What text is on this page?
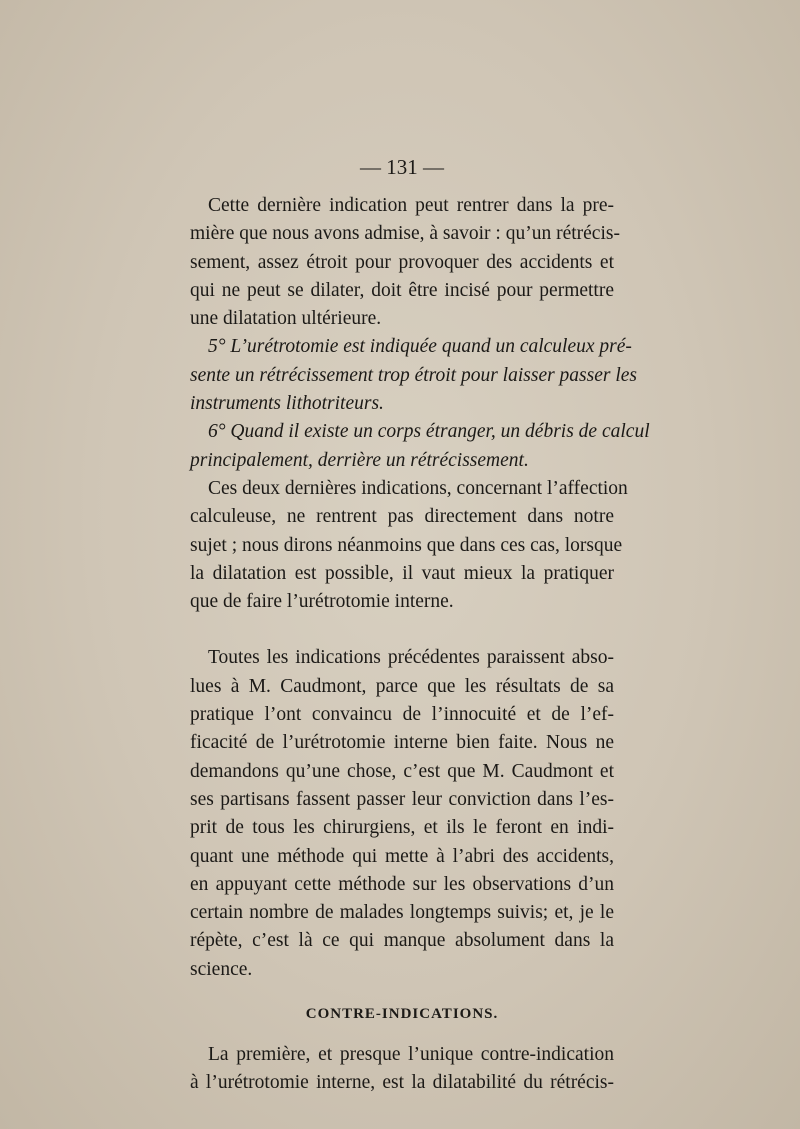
— 131 —

Cette dernière indication peut rentrer dans la pre-
mière que nous avons admise, à savoir : qu’un rétrécis-
sement, assez étroit pour provoquer des accidents et
qui ne peut se dilater, doit être incisé pour permettre
une dilatation ultérieure.

5° L’urétrotomie est indiquée quand un calculeux pré-
sente un rétrécissement trop étroit pour laisser passer les
instruments lithotriteurs.

6° Quand il existe un corps étranger, un débris de calcul
principalement, derrière un rétrécissement.

Ces deux dernières indications, concernant l’affection
calculeuse, ne rentrent pas directement dans notre
sujet ; nous dirons néanmoins que dans ces cas, lorsque
la dilatation est possible, il vaut mieux la pratiquer
que de faire l’urétrotomie interne.

Toutes les indications précédentes paraissent abso-
lues à M. Caudmont, parce que les résultats de sa
pratique l’ont convaincu de l’innocuité et de l’ef-
ficacité de l’urétrotomie interne bien faite. Nous ne
demandons qu’une chose, c’est que M. Caudmont et
ses partisans fassent passer leur conviction dans l’es-
prit de tous les chirurgiens, et ils le feront en indi-
quant une méthode qui mette à l’abri des accidents,
en appuyant cette méthode sur les observations d’un
certain nombre de malades longtemps suivis; et, je le
répète, c’est là ce qui manque absolument dans la
science.

CONTRE-INDICATIONS.

La première, et presque l’unique contre-indication
à l’urétrotomie interne, est la dilatabilité du rétrécis-
